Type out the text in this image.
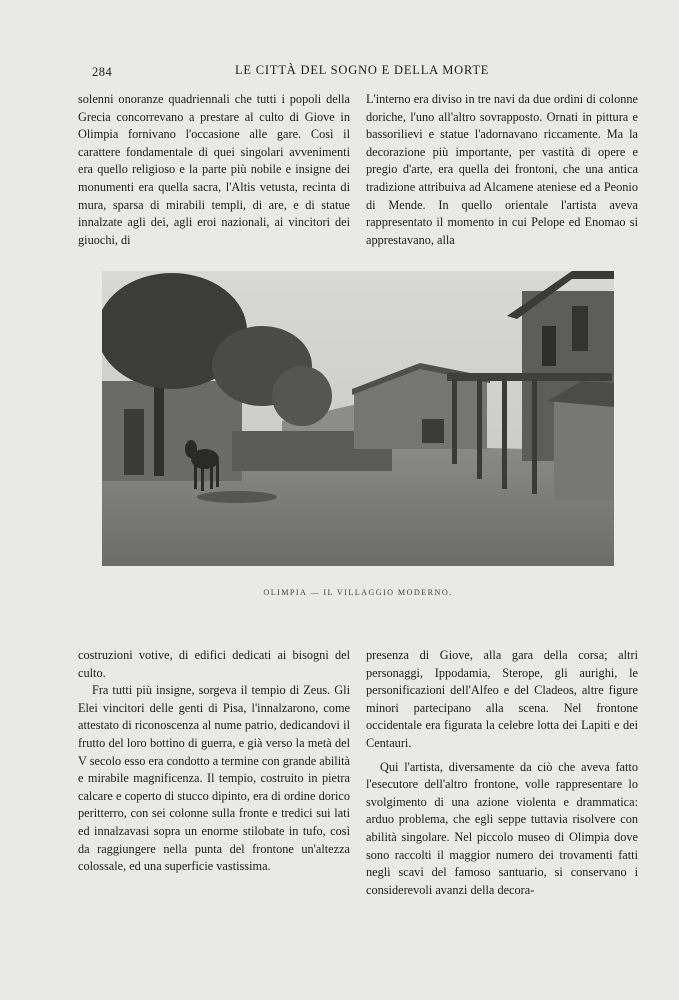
284	LE CITTÀ DEL SOGNO E DELLA MORTE

solenni onoranze quadriennali che tutti i popoli della Grecia concorrevano a prestare al culto di Giove in Olimpia fornivano l'occasione alle gare. Così il carattere fondamentale di quei singolari avvenimenti era quello religioso e la parte più nobile e insigne dei monumenti era quella sacra, l'Altis vetusta, recinta di mura, sparsa di mirabili templi, di are, e di statue innalzate agli dei, agli eroi nazionali, ai vincitori dei giuochi, di

L'interno era diviso in tre navi da due ordini di colonne doriche, l'uno all'altro sovrapposto. Ornati in pittura e bassorilievi e statue l'adornavano riccamente. Ma la decorazione più importante, per vastità di opere e pregio d'arte, era quella dei frontoni, che una antica tradizione attribuiva ad Alcamene ateniese ed a Peonio di Mende. In quello orientale l'artista aveva rappresentato il momento in cui Pelope ed Enomao si apprestavano, alla

OLIMPIA — IL VILLAGGIO MODERNO.

costruzioni votive, di edifici dedicati ai bisogni del culto.

Fra tutti più insigne, sorgeva il tempio di Zeus. Gli Elei vincitori delle genti di Pisa, l'innalzarono, come attestato di riconoscenza al nume patrio, dedicandovi il frutto del loro bottino di guerra, e già verso la metà del V secolo esso era condotto a termine con grande abilità e mirabile magnificenza. Il tempio, costruito in pietra calcare e coperto di stucco dipinto, era di ordine dorico peritterro, con sei colonne sulla fronte e tredici sui lati ed innalzavasi sopra un enorme stilobate in tufo, così da raggiungere nella punta del frontone un'altezza colossale, ed una superficie vastissima.

presenza di Giove, alla gara della corsa; altri personaggi, Ippodamia, Sterope, gli aurighi, le personificazioni dell'Alfeo e del Cladeos, altre figure minori partecipano alla scena. Nel frontone occidentale era figurata la celebre lotta dei Lapiti e dei Centauri.

Qui l'artista, diversamente da ciò che aveva fatto l'esecutore dell'altro frontone, volle rappresentare lo svolgimento di una azione violenta e drammatica: arduo problema, che egli seppe tuttavia risolvere con abilità singolare. Nel piccolo museo di Olimpia dove sono raccolti il maggior numero dei trovamenti fatti negli scavi del famoso santuario, si conservano i considerevoli avanzi della decora-
